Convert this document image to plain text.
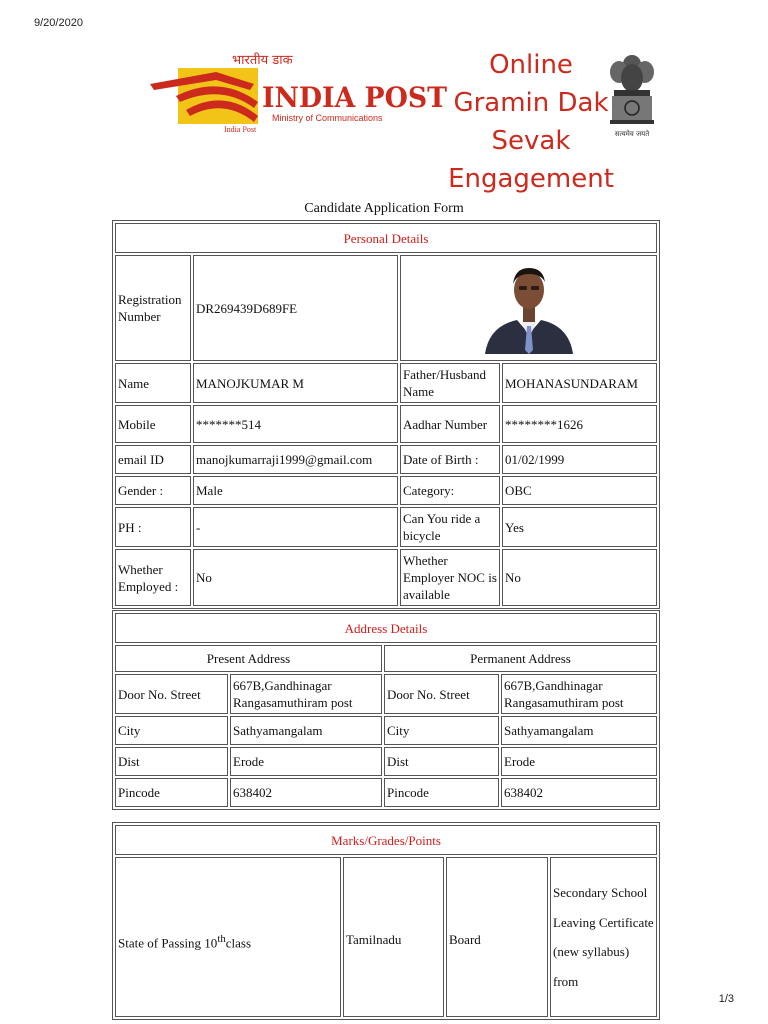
9/20/2020
भारतीय डाक
INDIA POST
Ministry of Communications
India Post
Online
Gramin Dak
Sevak
Engagement
सत्यमेव जयते
Candidate Application Form
Personal Details			
Registration Number	DR269439D689FE	
Name	MANOJKUMAR M	Father/Husband Name	MOHANASUNDARAM
Mobile	*******514	Aadhar Number	********1626
email ID	manojkumarraji1999@gmail.com	Date of Birth :	01/02/1999
Gender :	Male	Category:	OBC
PH :	-	Can You ride a bicycle	Yes
Whether Employed :	No	Whether Employer NOC is available	No
Address Details			
Present Address		Permanent Address	
Door No. Street	667B,Gandhinagar Rangasamuthiram post	Door No. Street	667B,Gandhinagar Rangasamuthiram post
City	Sathyamangalam	City	Sathyamangalam
Dist	Erode	Dist	Erode
Pincode	638402	Pincode	638402
Marks/Grades/Points
State of Passing 10thclass	Tamilnadu	Board	Secondary School Leaving Certificate (new syllabus) from
1/3
